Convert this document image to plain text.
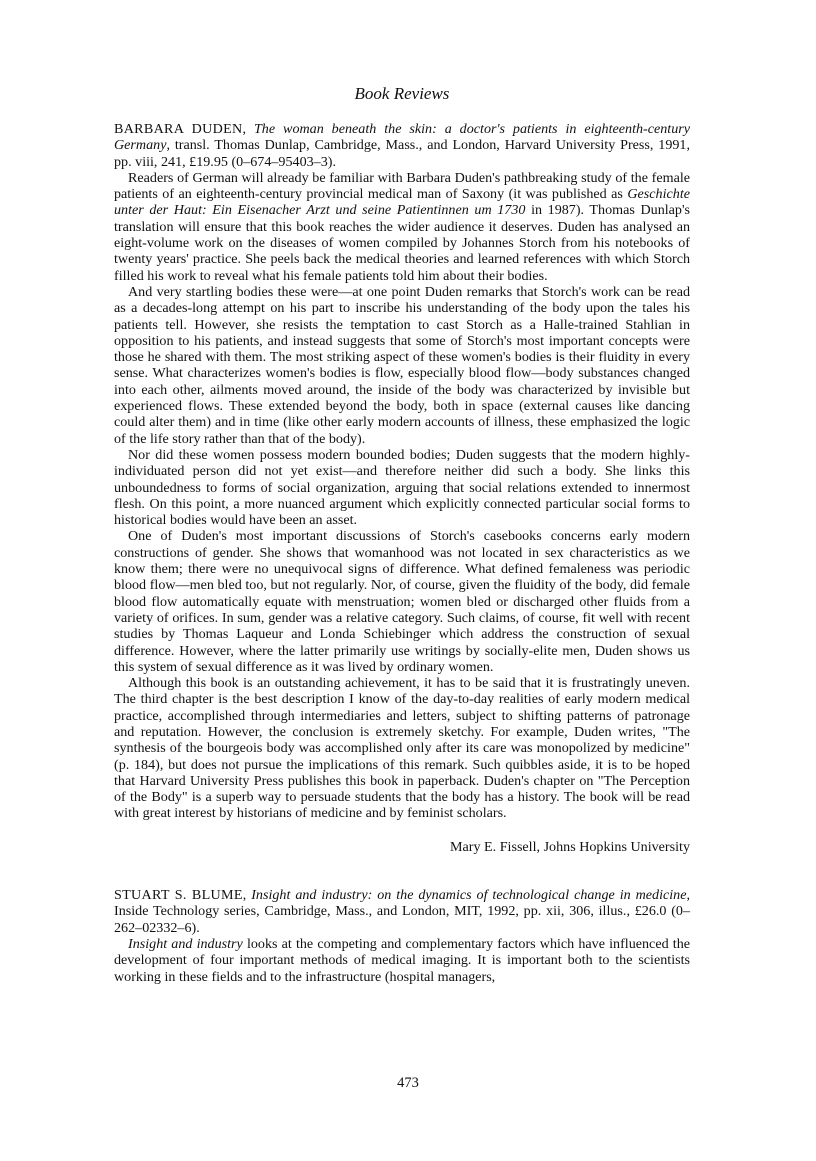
Book Reviews

BARBARA DUDEN, The woman beneath the skin: a doctor's patients in eighteenth-century Germany, transl. Thomas Dunlap, Cambridge, Mass., and London, Harvard University Press, 1991, pp. viii, 241, £19.95 (0–674–95403–3).

Readers of German will already be familiar with Barbara Duden's pathbreaking study of the female patients of an eighteenth-century provincial medical man of Saxony (it was published as Geschichte unter der Haut: Ein Eisenacher Arzt und seine Patientinnen um 1730 in 1987). Thomas Dunlap's translation will ensure that this book reaches the wider audience it deserves. Duden has analysed an eight-volume work on the diseases of women compiled by Johannes Storch from his notebooks of twenty years' practice. She peels back the medical theories and learned references with which Storch filled his work to reveal what his female patients told him about their bodies.

And very startling bodies these were—at one point Duden remarks that Storch's work can be read as a decades-long attempt on his part to inscribe his understanding of the body upon the tales his patients tell. However, she resists the temptation to cast Storch as a Halle-trained Stahlian in opposition to his patients, and instead suggests that some of Storch's most important concepts were those he shared with them. The most striking aspect of these women's bodies is their fluidity in every sense. What characterizes women's bodies is flow, especially blood flow—body substances changed into each other, ailments moved around, the inside of the body was characterized by invisible but experienced flows. These extended beyond the body, both in space (external causes like dancing could alter them) and in time (like other early modern accounts of illness, these emphasized the logic of the life story rather than that of the body).

Nor did these women possess modern bounded bodies; Duden suggests that the modern highly-individuated person did not yet exist—and therefore neither did such a body. She links this unboundedness to forms of social organization, arguing that social relations extended to innermost flesh. On this point, a more nuanced argument which explicitly connected particular social forms to historical bodies would have been an asset.

One of Duden's most important discussions of Storch's casebooks concerns early modern constructions of gender. She shows that womanhood was not located in sex characteristics as we know them; there were no unequivocal signs of difference. What defined femaleness was periodic blood flow—men bled too, but not regularly. Nor, of course, given the fluidity of the body, did female blood flow automatically equate with menstruation; women bled or discharged other fluids from a variety of orifices. In sum, gender was a relative category. Such claims, of course, fit well with recent studies by Thomas Laqueur and Londa Schiebinger which address the construction of sexual difference. However, where the latter primarily use writings by socially-elite men, Duden shows us this system of sexual difference as it was lived by ordinary women.

Although this book is an outstanding achievement, it has to be said that it is frustratingly uneven. The third chapter is the best description I know of the day-to-day realities of early modern medical practice, accomplished through intermediaries and letters, subject to shifting patterns of patronage and reputation. However, the conclusion is extremely sketchy. For example, Duden writes, "The synthesis of the bourgeois body was accomplished only after its care was monopolized by medicine" (p. 184), but does not pursue the implications of this remark. Such quibbles aside, it is to be hoped that Harvard University Press publishes this book in paperback. Duden's chapter on "The Perception of the Body" is a superb way to persuade students that the body has a history. The book will be read with great interest by historians of medicine and by feminist scholars.

Mary E. Fissell, Johns Hopkins University

STUART S. BLUME, Insight and industry: on the dynamics of technological change in medicine, Inside Technology series, Cambridge, Mass., and London, MIT, 1992, pp. xii, 306, illus., £26.0 (0–262–02332–6).

Insight and industry looks at the competing and complementary factors which have influenced the development of four important methods of medical imaging. It is important both to the scientists working in these fields and to the infrastructure (hospital managers,

473
